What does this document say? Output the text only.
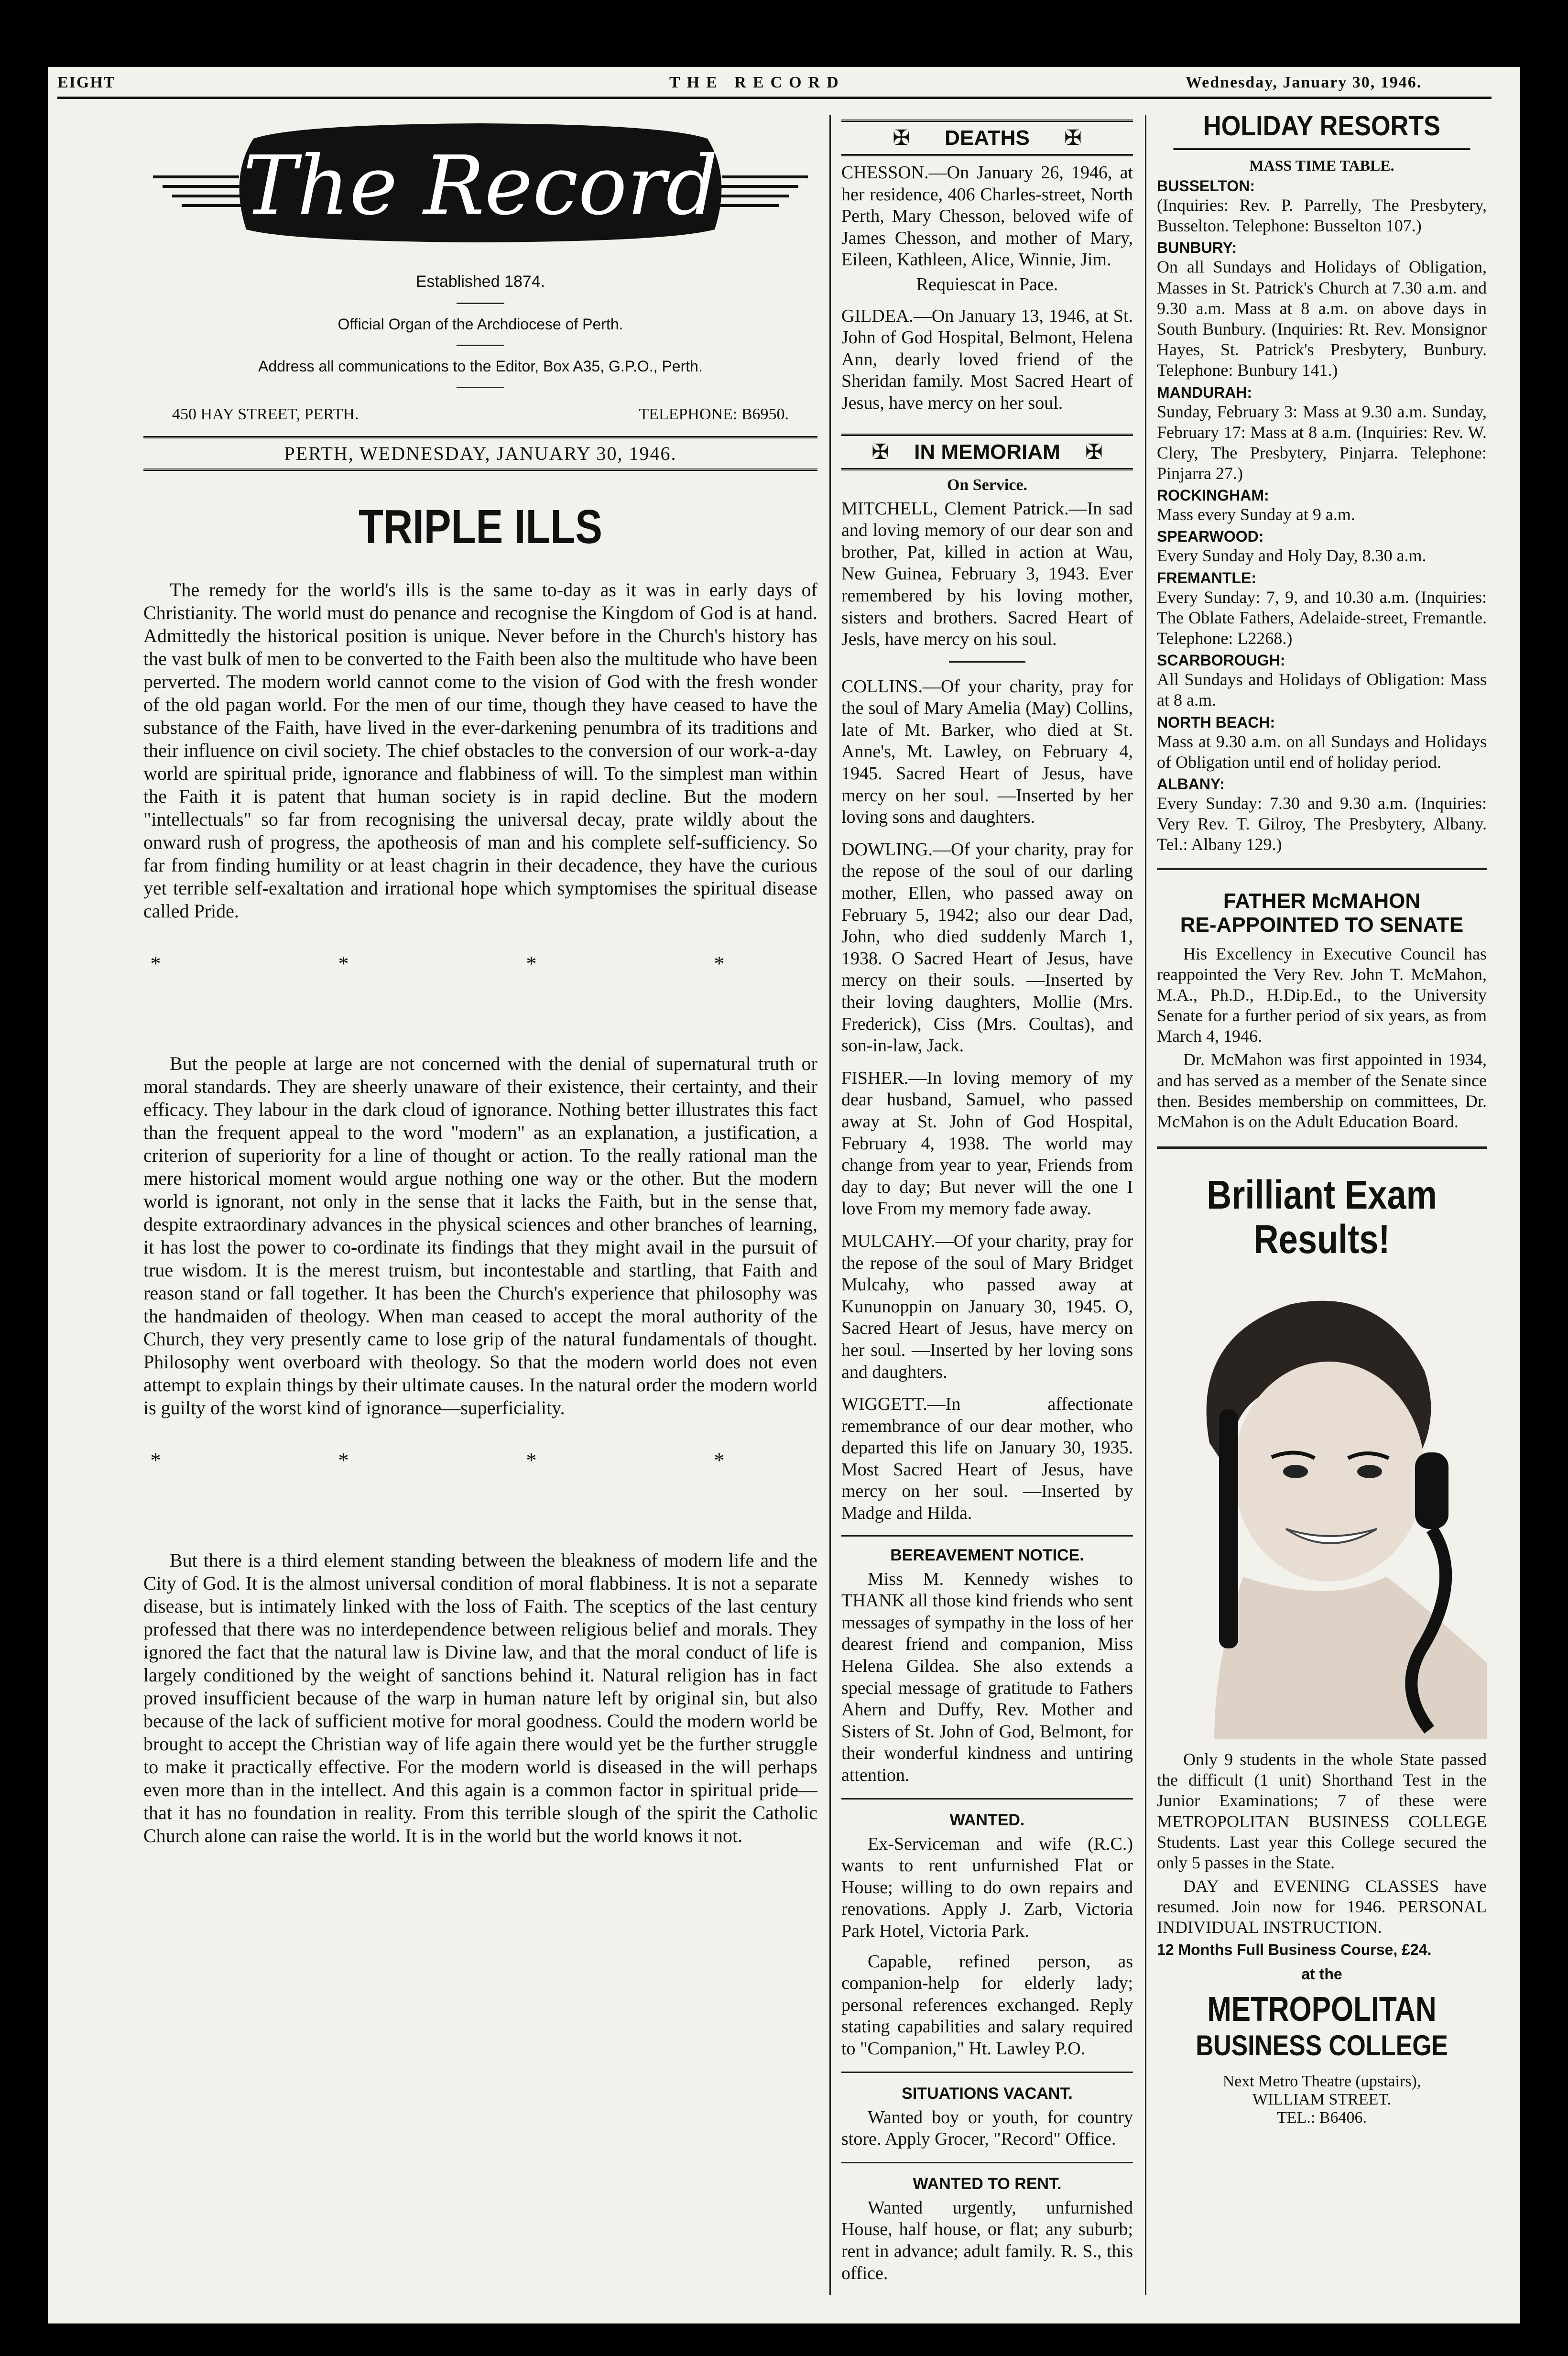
EIGHT	THE RECORD	Wednesday, January 30, 1946.
The Record
Established 1874.
Official Organ of the Archdiocese of Perth.
Address all communications to the Editor, Box A35, G.P.O., Perth.
450 HAY STREET, PERTH.	TELEPHONE: B6950.
PERTH, WEDNESDAY, JANUARY 30, 1946.
TRIPLE ILLS

The remedy for the world's ills is the same to-day as it was in early days of Christianity. The world must do penance and recognise the Kingdom of God is at hand. Admittedly the historical position is unique. Never before in the Church's history has the vast bulk of men to be converted to the Faith been also the multitude who have been perverted. The modern world cannot come to the vision of God with the fresh wonder of the old pagan world. For the men of our time, though they have ceased to have the substance of the Faith, have lived in the ever-darkening penumbra of its traditions and their influence on civil society. The chief obstacles to the conversion of our work-a-day world are spiritual pride, ignorance and flabbiness of will. To the simplest man within the Faith it is patent that human society is in rapid decline. But the modern "intellectuals" so far from recognising the universal decay, prate wildly about the onward rush of progress, the apotheosis of man and his complete self-sufficiency. So far from finding humility or at least chagrin in their decadence, they have the curious yet terrible self-exaltation and irrational hope which symptomises the spiritual disease called Pride.

* * * *

But the people at large are not concerned with the denial of supernatural truth or moral standards. They are sheerly unaware of their existence, their certainty, and their efficacy. They labour in the dark cloud of ignorance. Nothing better illustrates this fact than the frequent appeal to the word "modern" as an explanation, a justification, a criterion of superiority for a line of thought or action. To the really rational man the mere historical moment would argue nothing one way or the other. But the modern world is ignorant, not only in the sense that it lacks the Faith, but in the sense that, despite extraordinary advances in the physical sciences and other branches of learning, it has lost the power to co-ordinate its findings that they might avail in the pursuit of true wisdom. It is the merest truism, but incontestable and startling, that Faith and reason stand or fall together. It has been the Church's experience that philosophy was the handmaiden of theology. When man ceased to accept the moral authority of the Church, they very presently came to lose grip of the natural fundamentals of thought. Philosophy went overboard with theology. So that the modern world does not even attempt to explain things by their ultimate causes. In the natural order the modern world is guilty of the worst kind of ignorance—superficiality.

* * * *

But there is a third element standing between the bleakness of modern life and the City of God. It is the almost universal condition of moral flabbiness. It is not a separate disease, but is intimately linked with the loss of Faith. The sceptics of the last century professed that there was no interdependence between religious belief and morals. They ignored the fact that the natural law is Divine law, and that the moral conduct of life is largely conditioned by the weight of sanctions behind it. Natural religion has in fact proved insufficient because of the warp in human nature left by original sin, but also because of the lack of sufficient motive for moral goodness. Could the modern world be brought to accept the Christian way of life again there would yet be the further struggle to make it practically effective. For the modern world is diseased in the will perhaps even more than in the intellect. And this again is a common factor in spiritual pride—that it has no foundation in reality. From this terrible slough of the spirit the Catholic Church alone can raise the world. It is in the world but the world knows it not.

✠ DEATHS ✠

CHESSON.—On January 26, 1946, at her residence, 406 Charles-street, North Perth, Mary Chesson, beloved wife of James Chesson, and mother of Mary, Eileen, Kathleen, Alice, Winnie, Jim.

Requiescat in Pace.

GILDEA.—On January 13, 1946, at St. John of God Hospital, Belmont, Helena Ann, dearly loved friend of the Sheridan family. Most Sacred Heart of Jesus, have mercy on her soul.

✠ IN MEMORIAM ✠
On Service.

MITCHELL, Clement Patrick.—In sad and loving memory of our dear son and brother, Pat, killed in action at Wau, New Guinea, February 3, 1943. Ever remembered by his loving mother, sisters and brothers. Sacred Heart of Jesls, have mercy on his soul.

COLLINS.—Of your charity, pray for the soul of Mary Amelia (May) Collins, late of Mt. Barker, who died at St. Anne's, Mt. Lawley, on February 4, 1945. Sacred Heart of Jesus, have mercy on her soul. —Inserted by her loving sons and daughters.

DOWLING.—Of your charity, pray for the repose of the soul of our darling mother, Ellen, who passed away on February 5, 1942; also our dear Dad, John, who died suddenly March 1, 1938. O Sacred Heart of Jesus, have mercy on their souls. —Inserted by their loving daughters, Mollie (Mrs. Frederick), Ciss (Mrs. Coultas), and son-in-law, Jack.

FISHER.—In loving memory of my dear husband, Samuel, who passed away at St. John of God Hospital, February 4, 1938. The world may change from year to year, Friends from day to day; But never will the one I love From my memory fade away.

MULCAHY.—Of your charity, pray for the repose of the soul of Mary Bridget Mulcahy, who passed away at Kununoppin on January 30, 1945. O, Sacred Heart of Jesus, have mercy on her soul. —Inserted by her loving sons and daughters.

WIGGETT.—In affectionate remembrance of our dear mother, who departed this life on January 30, 1935. Most Sacred Heart of Jesus, have mercy on her soul. —Inserted by Madge and Hilda.

BEREAVEMENT NOTICE.

Miss M. Kennedy wishes to THANK all those kind friends who sent messages of sympathy in the loss of her dearest friend and companion, Miss Helena Gildea. She also extends a special message of gratitude to Fathers Ahern and Duffy, Rev. Mother and Sisters of St. John of God, Belmont, for their wonderful kindness and untiring attention.

WANTED.

Ex-Serviceman and wife (R.C.) wants to rent unfurnished Flat or House; willing to do own repairs and renovations. Apply J. Zarb, Victoria Park Hotel, Victoria Park.

Capable, refined person, as companion-help for elderly lady; personal references exchanged. Reply stating capabilities and salary required to "Companion," Ht. Lawley P.O.

SITUATIONS VACANT.

Wanted boy or youth, for country store. Apply Grocer, "Record" Office.

WANTED TO RENT.

Wanted urgently, unfurnished House, half house, or flat; any suburb; rent in advance; adult family. R. S., this office.

HOLIDAY RESORTS
MASS TIME TABLE.
BUSSELTON:

(Inquiries: Rev. P. Parrelly, The Presbytery, Busselton. Telephone: Busselton 107.)

BUNBURY:

On all Sundays and Holidays of Obligation, Masses in St. Patrick's Church at 7.30 a.m. and 9.30 a.m. Mass at 8 a.m. on above days in South Bunbury. (Inquiries: Rt. Rev. Monsignor Hayes, St. Patrick's Presbytery, Bunbury. Telephone: Bunbury 141.)

MANDURAH:

Sunday, February 3: Mass at 9.30 a.m. Sunday, February 17: Mass at 8 a.m. (Inquiries: Rev. W. Clery, The Presbytery, Pinjarra. Telephone: Pinjarra 27.)

ROCKINGHAM:

Mass every Sunday at 9 a.m.

SPEARWOOD:

Every Sunday and Holy Day, 8.30 a.m.

FREMANTLE:

Every Sunday: 7, 9, and 10.30 a.m. (Inquiries: The Oblate Fathers, Adelaide-street, Fremantle. Telephone: L2268.)

SCARBOROUGH:

All Sundays and Holidays of Obligation: Mass at 8 a.m.

NORTH BEACH:

Mass at 9.30 a.m. on all Sundays and Holidays of Obligation until end of holiday period.

ALBANY:

Every Sunday: 7.30 and 9.30 a.m. (Inquiries: Very Rev. T. Gilroy, The Presbytery, Albany. Tel.: Albany 129.)

FATHER McMAHON
RE-APPOINTED TO SENATE

His Excellency in Executive Council has reappointed the Very Rev. John T. McMahon, M.A., Ph.D., H.Dip.Ed., to the University Senate for a further period of six years, as from March 4, 1946.

Dr. McMahon was first appointed in 1934, and has served as a member of the Senate since then. Besides membership on committees, Dr. McMahon is on the Adult Education Board.

Brilliant Exam
Results!

Only 9 students in the whole State passed the difficult (1 unit) Shorthand Test in the Junior Examinations; 7 of these were METROPOLITAN BUSINESS COLLEGE Students. Last year this College secured the only 5 passes in the State.

DAY and EVENING CLASSES have resumed. Join now for 1946. PERSONAL INDIVIDUAL INSTRUCTION.

12 Months Full Business Course, £24.
at the
METROPOLITAN
BUSINESS COLLEGE
Next Metro Theatre (upstairs),
WILLIAM STREET.
TEL.: B6406.
